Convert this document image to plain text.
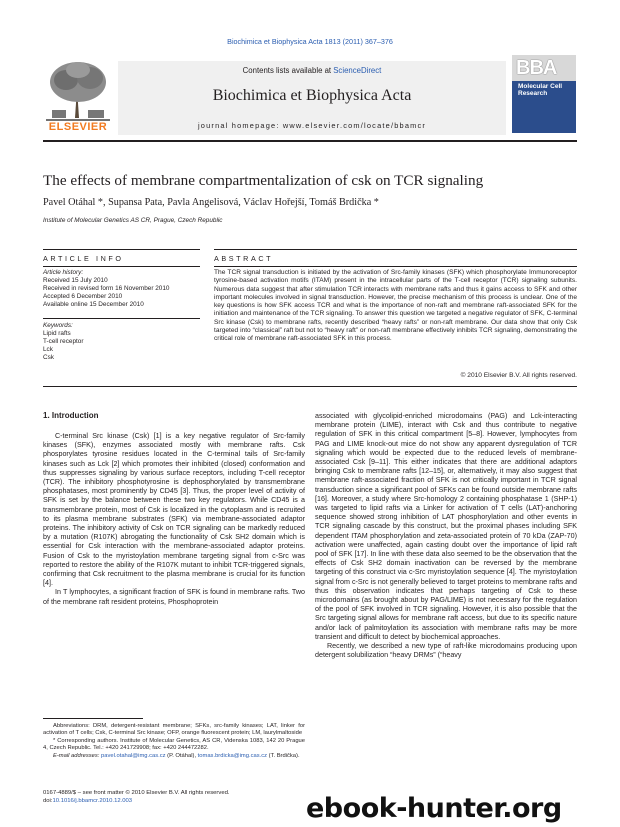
Biochimica et Biophysica Acta 1813 (2011) 367–376
ELSEVIER
Contents lists available at ScienceDirect
Biochimica et Biophysica Acta
journal homepage: www.elsevier.com/locate/bbamcr
BBA
Molecular Cell Research
The effects of membrane compartmentalization of csk on TCR signaling
Pavel Otáhal *, Supansa Pata, Pavla Angelisová, Václav Hořejší, Tomáš Brdička *
Institute of Molecular Genetics AS CR, Prague, Czech Republic
ARTICLE INFO
Article history:
Received 15 July 2010
Received in revised form 16 November 2010
Accepted 6 December 2010
Available online 15 December 2010
Keywords:
Lipid rafts
T-cell receptor
Lck
Csk
ABSTRACT
The TCR signal transduction is initiated by the activation of Src-family kinases (SFK) which phosphorylate Immunoreceptor tyrosine-based activation motifs (ITAM) present in the intracellular parts of the T-cell receptor (TCR) signaling subunits. Numerous data suggest that after stimulation TCR interacts with membrane rafts and thus it gains access to SFK and other important molecules involved in signal transduction. However, the precise mechanism of this process is unclear. One of the key questions is how SFK access TCR and what is the importance of non-raft and membrane raft-associated SFK for the initiation and maintenance of the TCR signaling. To answer this question we targeted a negative regulator of SFK, C-terminal Src kinase (Csk) to membrane rafts, recently described “heavy rafts” or non-raft membrane. Our data show that only Csk targeted into “classical” raft but not to “heavy raft” or non-raft membrane effectively inhibits TCR signaling, demonstrating the critical role of membrane raft-associated SFK in this process.
© 2010 Elsevier B.V. All rights reserved.
1. Introduction

C-terminal Src kinase (Csk) [1] is a key negative regulator of Src-family kinases (SFK), enzymes associated mostly with membrane rafts. Csk phosporylates tyrosine residues located in the C-terminal tails of Src-family kinases such as Lck [2] which promotes their inhibited (closed) conformation and thus suppresses signaling by various surface receptors, including T-cell receptor (TCR). The inhibitory phosphotyrosine is dephosphorylated by transmembrane phosphatases, most prominently by CD45 [3]. Thus, the proper level of activity of SFK is set by the balance between these two key regulators. While CD45 is a transmembrane protein, most of Csk is localized in the cytoplasm and is recruited to its plasma membrane substrates (SFK) via membrane-associated adaptor proteins. The inhibitory activity of Csk on TCR signaling can be markedly reduced by a mutation (R107K) abrogating the functionality of Csk SH2 domain which is essential for Csk interaction with the membrane-associated adaptor proteins. Fusion of Csk to the myristoylation membrane targeting signal from c-Src was reported to restore the ability of the R107K mutant to inhibit TCR-triggered signals, confirming that Csk recruitment to the plasma membrane is crucial for its function [4].

In T lymphocytes, a significant fraction of SFK is found in membrane rafts. Two of the membrane raft resident proteins, Phosphoprotein

associated with glycolipid-enriched microdomains (PAG) and Lck-interacting membrane protein (LIME), interact with Csk and thus contribute to negative regulation of SFK in this critical compartment [5–8]. However, lymphocytes from PAG and LIME knock-out mice do not show any apparent dysregulation of TCR signaling which would be expected due to the reduced levels of membrane-associated Csk [9–11]. This either indicates that there are additional adaptors bringing Csk to membrane rafts [12–15], or, alternatively, it may also suggest that membrane raft-associated fraction of SFK is not critically important in TCR signal transduction since a significant pool of SFKs can be found outside membrane rafts [16]. Moreover, a study where Src-homology 2 containing phosphatase 1 (SHP-1) was targeted to lipid rafts via a Linker for activation of T cells (LAT)-anchoring sequence showed strong inhibition of LAT phosphorylation and other events in TCR signaling cascade by this construct, but the proximal phases including SFK dependent ITAM phosphorylation and zeta-associated protein of 70 kDa (ZAP-70) activation were unaffected, again casting doubt over the importance of lipid raft pool of SFK [17]. In line with these data also seemed to be the observation that the effects of Csk SH2 domain inactivation can be reversed by the membrane targeting of this construct via c-Src myristoylation sequence [4]. The myristoylation signal from c-Src is not generally believed to target proteins to membrane rafts and thus this observation indicates that perhaps targeting of Csk to these microdomains (as brought about by PAG/LIME) is not necessary for the regulation of the pool of SFK involved in TCR signaling. However, it is also possible that the Src targeting signal allows for membrane raft access, but due to its specific nature and/or lack of palmitoylation its association with membrane rafts may be more transient and difficult to detect by biochemical approaches.

Recently, we described a new type of raft-like microdomains producing upon detergent solubilization “heavy DRMs” (“heavy

Abbreviations: DRM, detergent-resistant membrane; SFKs, src-family kinases; LAT, linker for activation of T cells; Csk, C-terminal Src kinase; OFP, orange fluorescent protein; LM, laurylmaltoside

* Corresponding authors. Institute of Molecular Genetics, AS CR, Videnska 1083, 142 20 Prague 4, Czech Republic. Tel.: +420 241729908; fax: +420 244472282.

E-mail addresses: pavel.otahal@img.cas.cz (P. Otáhal), tomas.brdicka@img.cas.cz (T. Brdička).

0167-4889/$ – see front matter © 2010 Elsevier B.V. All rights reserved.
doi:10.1016/j.bbamcr.2010.12.003	ebook-hunter.org
